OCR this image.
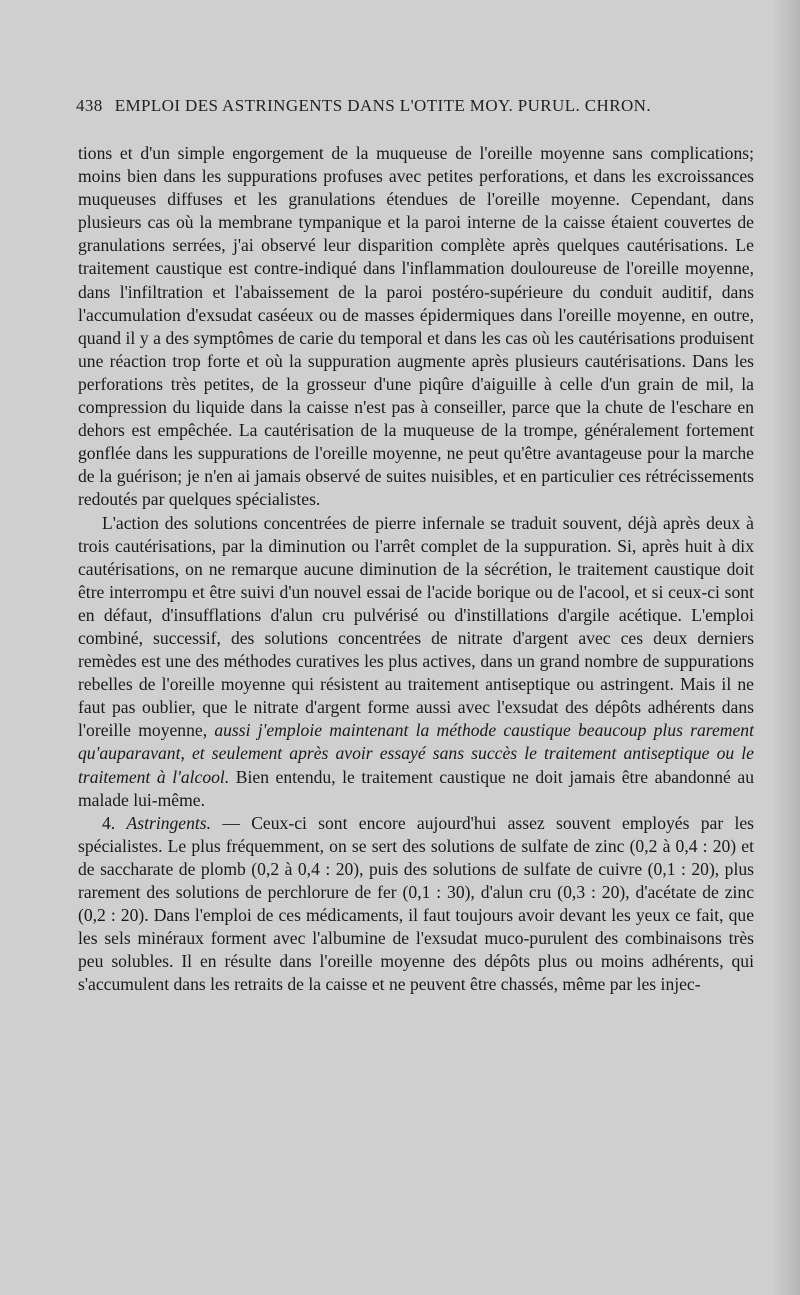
438 EMPLOI DES ASTRINGENTS DANS L'OTITE MOY. PURUL. CHRON.

tions et d'un simple engorgement de la muqueuse de l'oreille moyenne sans complications; moins bien dans les suppurations profuses avec petites perforations, et dans les excroissances muqueuses diffuses et les granulations étendues de l'oreille moyenne. Cependant, dans plusieurs cas où la membrane tympanique et la paroi interne de la caisse étaient couvertes de granulations serrées, j'ai observé leur disparition complète après quelques cautérisations. Le traitement caustique est contre-indiqué dans l'inflammation douloureuse de l'oreille moyenne, dans l'infiltration et l'abaissement de la paroi postéro-supérieure du conduit auditif, dans l'accumulation d'exsudat caséeux ou de masses épidermiques dans l'oreille moyenne, en outre, quand il y a des symptômes de carie du temporal et dans les cas où les cautérisations produisent une réaction trop forte et où la suppuration augmente après plusieurs cautérisations. Dans les perforations très petites, de la grosseur d'une piqûre d'aiguille à celle d'un grain de mil, la compression du liquide dans la caisse n'est pas à conseiller, parce que la chute de l'eschare en dehors est empêchée. La cautérisation de la muqueuse de la trompe, généralement fortement gonflée dans les suppurations de l'oreille moyenne, ne peut qu'être avantageuse pour la marche de la guérison; je n'en ai jamais observé de suites nuisibles, et en particulier ces rétrécissements redoutés par quelques spécialistes.

L'action des solutions concentrées de pierre infernale se traduit souvent, déjà après deux à trois cautérisations, par la diminution ou l'arrêt complet de la suppuration. Si, après huit à dix cautérisations, on ne remarque aucune diminution de la sécrétion, le traitement caustique doit être interrompu et être suivi d'un nouvel essai de l'acide borique ou de l'acool, et si ceux-ci sont en défaut, d'insufflations d'alun cru pulvérisé ou d'instillations d'argile acétique. L'emploi combiné, successif, des solutions concentrées de nitrate d'argent avec ces deux derniers remèdes est une des méthodes curatives les plus actives, dans un grand nombre de suppurations rebelles de l'oreille moyenne qui résistent au traitement antiseptique ou astringent. Mais il ne faut pas oublier, que le nitrate d'argent forme aussi avec l'exsudat des dépôts adhérents dans l'oreille moyenne, aussi j'emploie maintenant la méthode caustique beaucoup plus rarement qu'auparavant, et seulement après avoir essayé sans succès le traitement antiseptique ou le traitement à l'alcool. Bien entendu, le traitement caustique ne doit jamais être abandonné au malade lui-même.

4. Astringents. — Ceux-ci sont encore aujourd'hui assez souvent employés par les spécialistes. Le plus fréquemment, on se sert des solutions de sulfate de zinc (0,2 à 0,4 : 20) et de saccharate de plomb (0,2 à 0,4 : 20), puis des solutions de sulfate de cuivre (0,1 : 20), plus rarement des solutions de perchlorure de fer (0,1 : 30), d'alun cru (0,3 : 20), d'acétate de zinc (0,2 : 20). Dans l'emploi de ces médicaments, il faut toujours avoir devant les yeux ce fait, que les sels minéraux forment avec l'albumine de l'exsudat muco-purulent des combinaisons très peu solubles. Il en résulte dans l'oreille moyenne des dépôts plus ou moins adhérents, qui s'accumulent dans les retraits de la caisse et ne peuvent être chassés, même par les injec-
